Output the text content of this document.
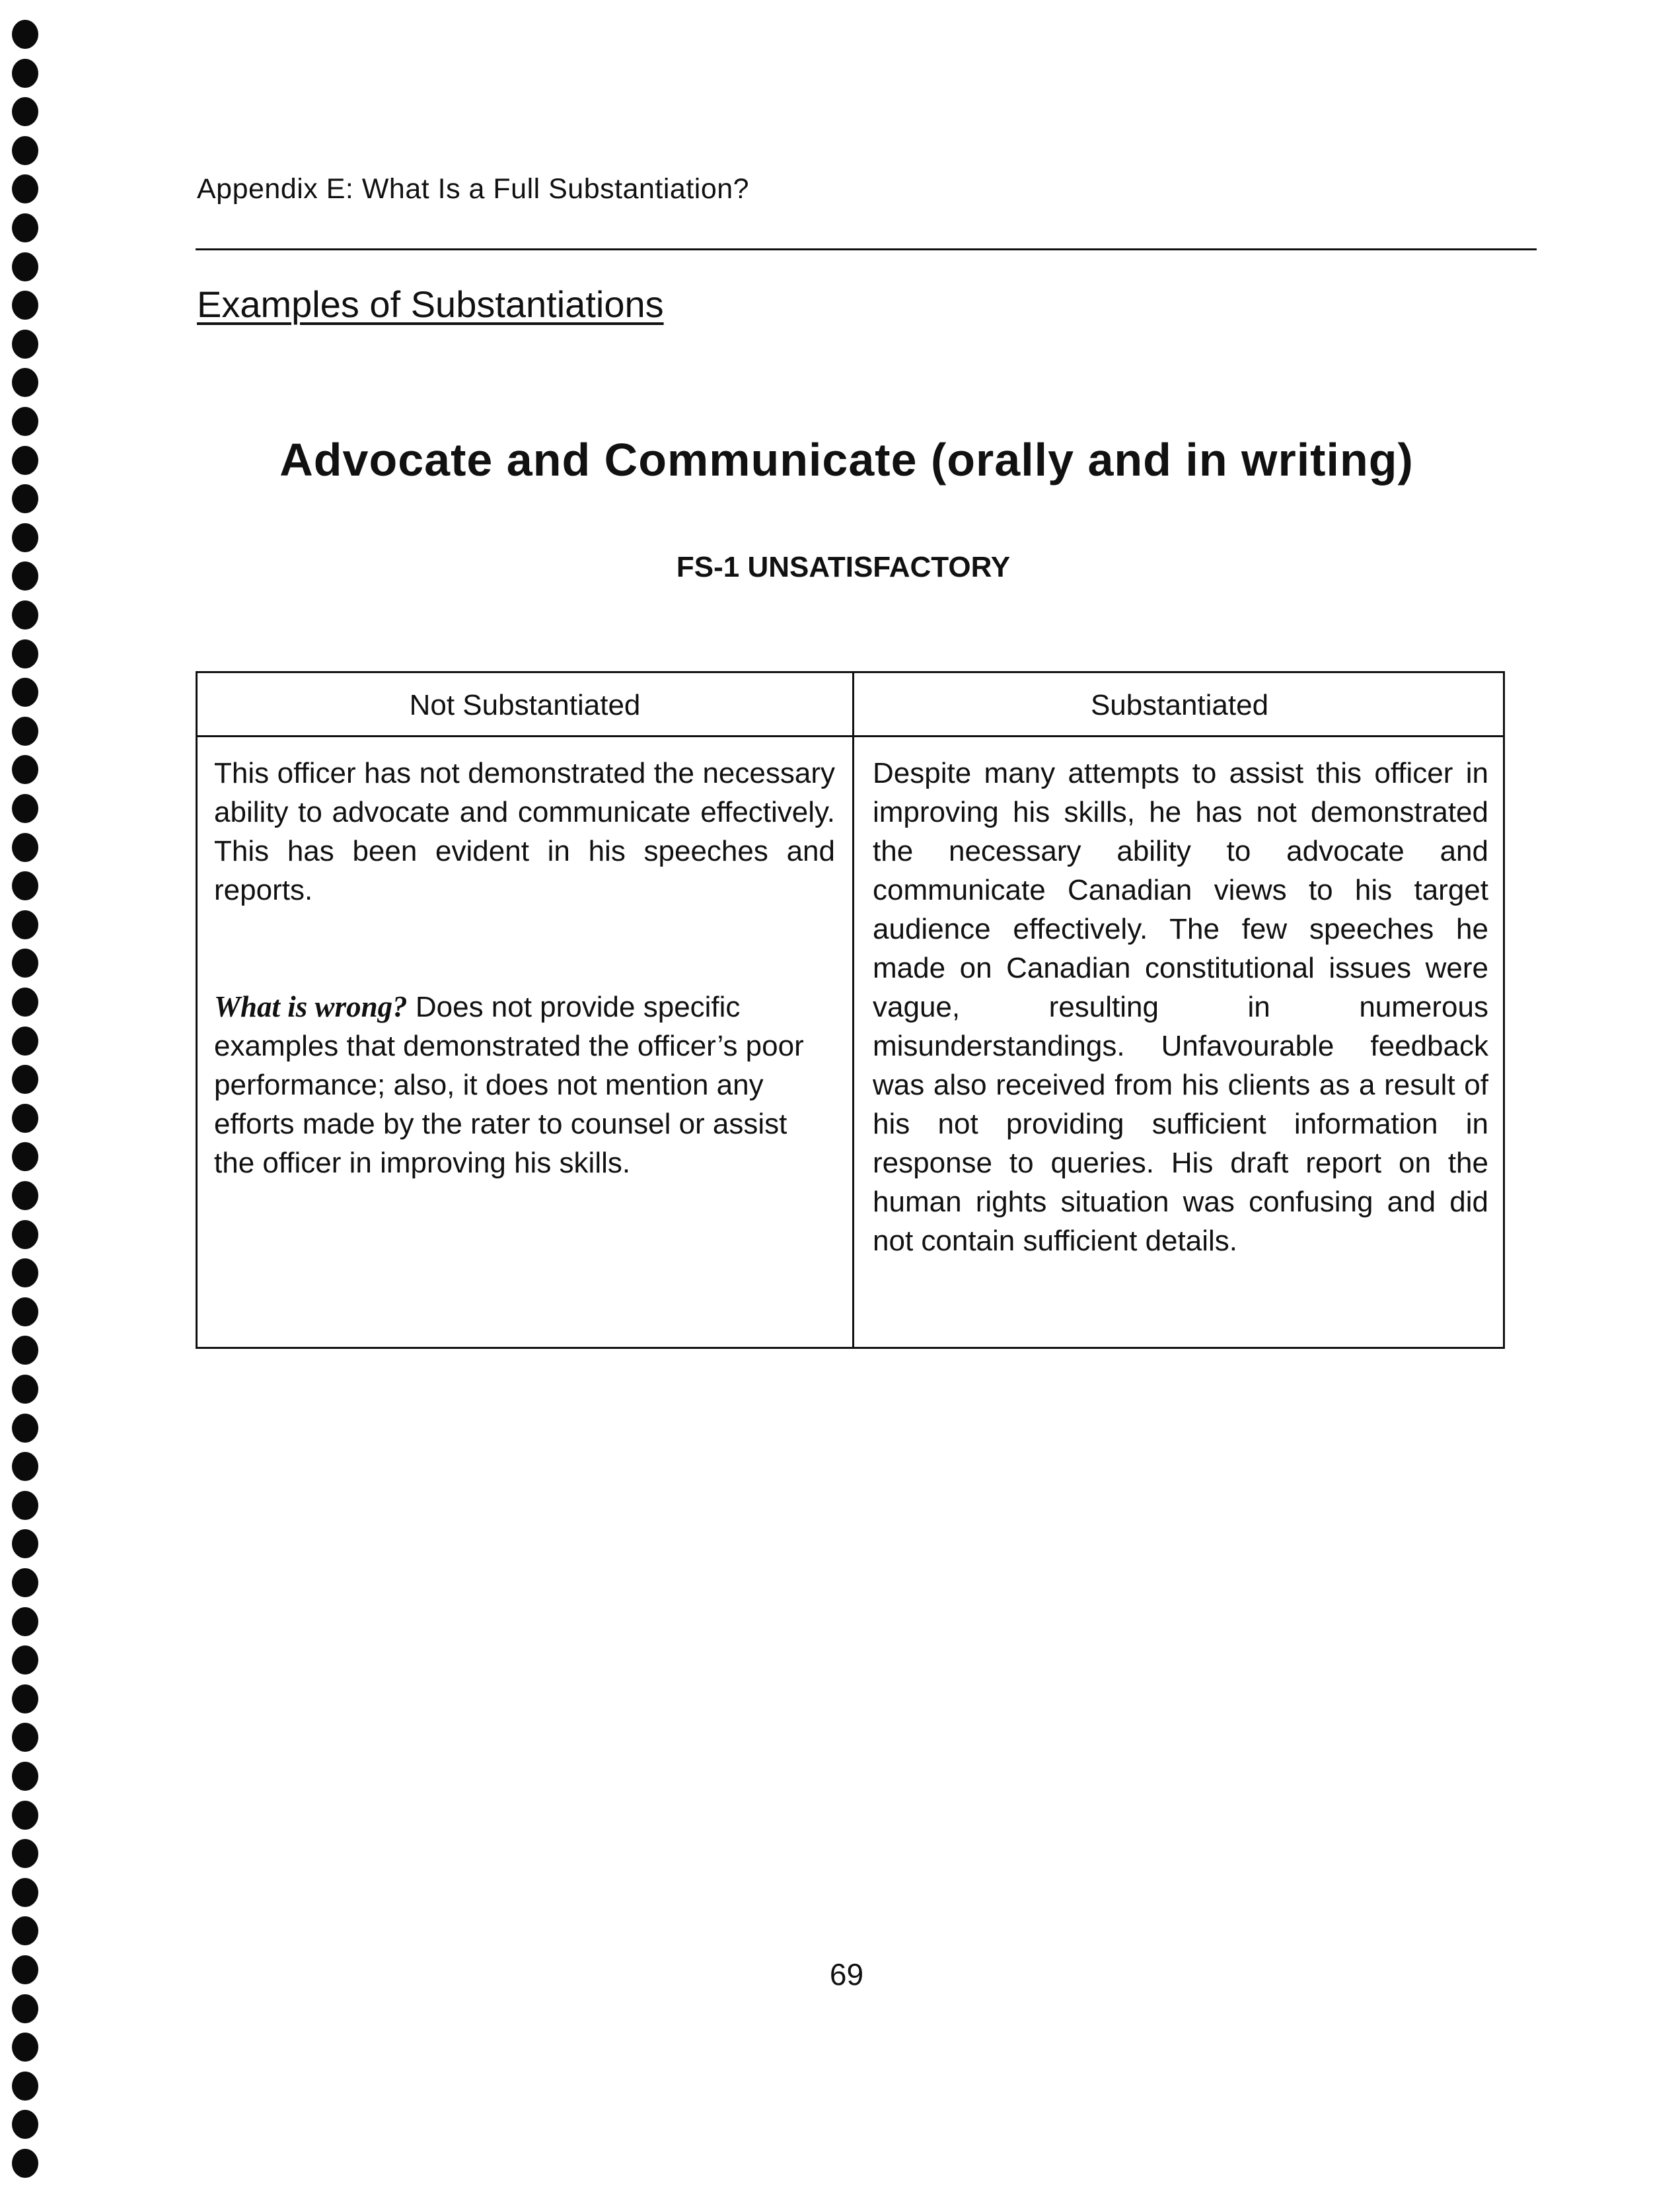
Appendix E: What Is a Full Substantiation?
Examples of Substantiations
Advocate and Communicate (orally and in writing)
FS-1 UNSATISFACTORY
Not Substantiated	Substantiated

This officer has not demonstrated the necessary ability to advocate and communicate effectively. This has been evident in his speeches and reports.

What is wrong? Does not provide specific examples that demonstrated the officer’s poor performance; also, it does not mention any efforts made by the rater to counsel or assist the officer in improving his skills.

Despite many attempts to assist this officer in improving his skills, he has not demonstrated the necessary ability to advocate and communicate Canadian views to his target audience effectively. The few speeches he made on Canadian constitutional issues were vague, resulting in numerous misunderstandings. Unfavourable feedback was also received from his clients as a result of his not providing sufficient information in response to queries. His draft report on the human rights situation was confusing and did not contain sufficient details.

69
